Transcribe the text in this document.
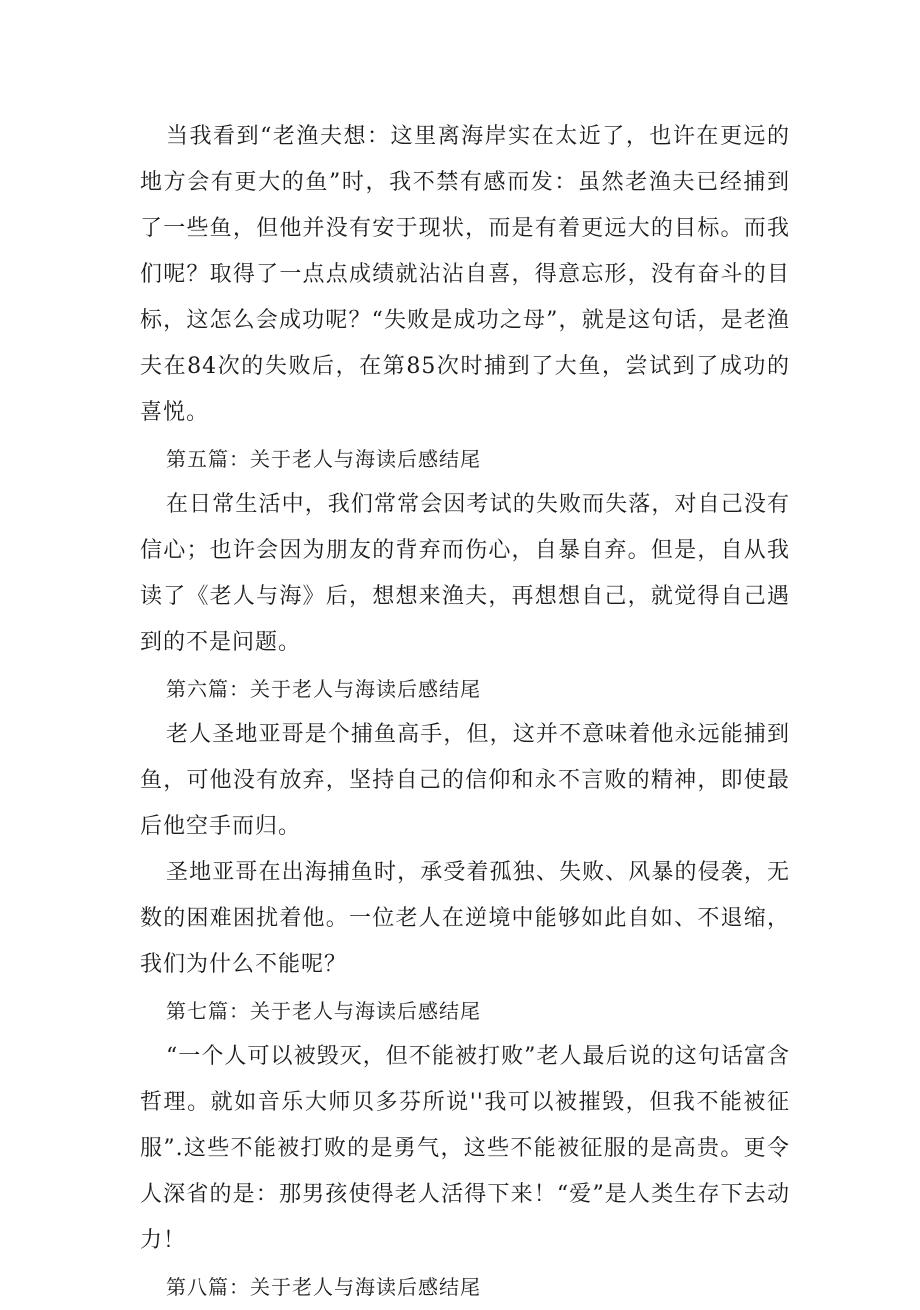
当我看到“老渔夫想：这里离海岸实在太近了，也许在更远的地方会有更大的鱼”时，我不禁有感而发：虽然老渔夫已经捕到了一些鱼，但他并没有安于现状，而是有着更远大的目标。而我们呢？取得了一点点成绩就沾沾自喜，得意忘形，没有奋斗的目标，这怎么会成功呢？“失败是成功之母”，就是这句话，是老渔夫在84次的失败后，在第85次时捕到了大鱼，尝试到了成功的喜悦。

第五篇：关于老人与海读后感结尾

在日常生活中，我们常常会因考试的失败而失落，对自己没有信心；也许会因为朋友的背弃而伤心，自暴自弃。但是，自从我读了《老人与海》后，想想来渔夫，再想想自己，就觉得自己遇到的不是问题。

第六篇：关于老人与海读后感结尾

老人圣地亚哥是个捕鱼高手，但，这并不意味着他永远能捕到鱼，可他没有放弃，坚持自己的信仰和永不言败的精神，即使最后他空手而归。

圣地亚哥在出海捕鱼时，承受着孤独、失败、风暴的侵袭，无数的困难困扰着他。一位老人在逆境中能够如此自如、不退缩，我们为什么不能呢？

第七篇：关于老人与海读后感结尾

“一个人可以被毁灭，但不能被打败”老人最后说的这句话富含哲理。就如音乐大师贝多芬所说''我可以被摧毁，但我不能被征服”.这些不能被打败的是勇气，这些不能被征服的是高贵。更令人深省的是：那男孩使得老人活得下来！“爱”是人类生存下去动力！

第八篇：关于老人与海读后感结尾
